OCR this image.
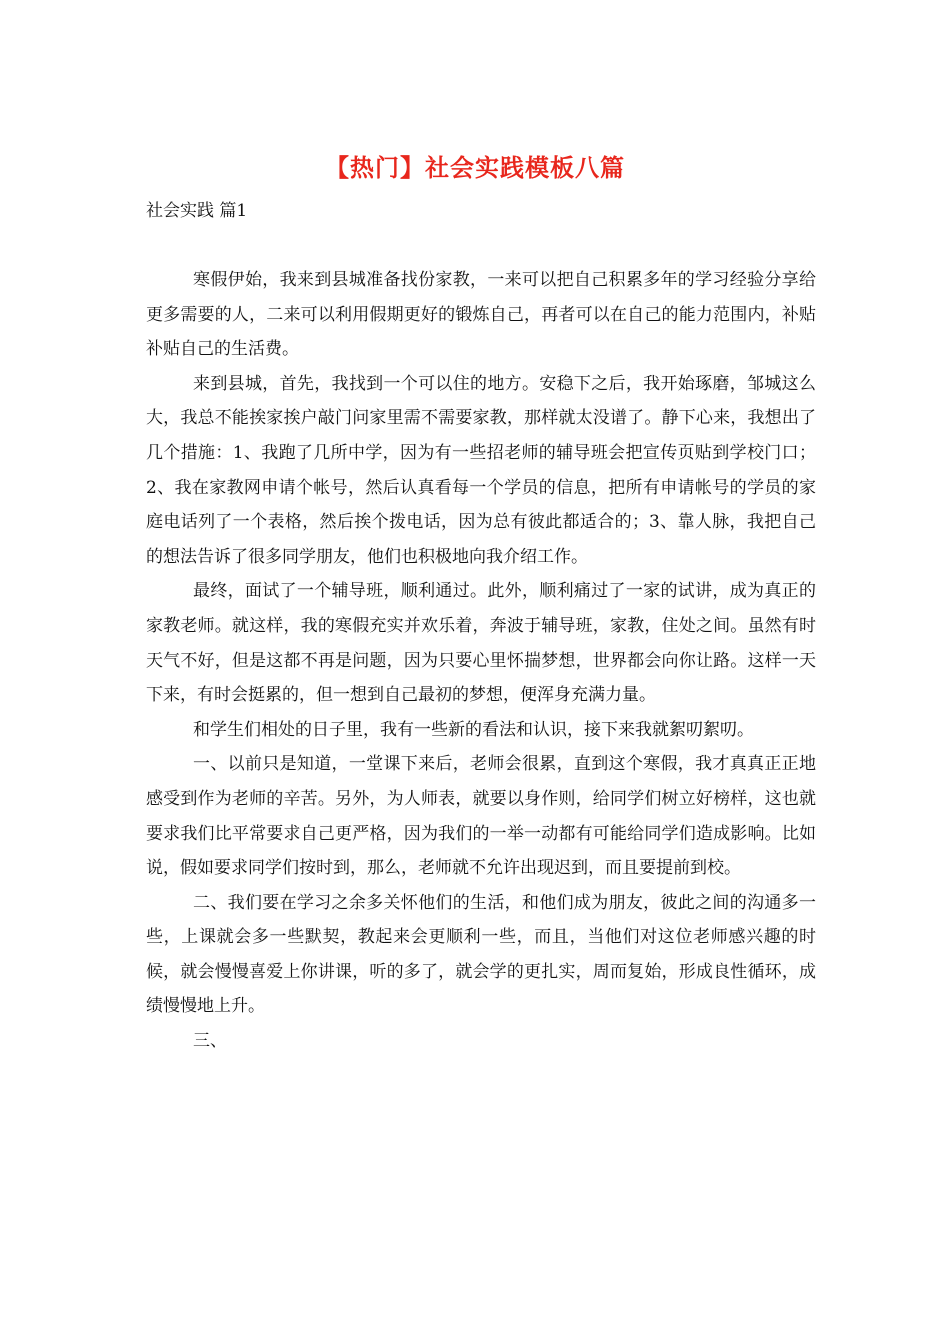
【热门】社会实践模板八篇
社会实践 篇1

寒假伊始，我来到县城准备找份家教，一来可以把自己积累多年的学习经验分享给更多需要的人，二来可以利用假期更好的锻炼自己，再者可以在自己的能力范围内，补贴补贴自己的生活费。

来到县城，首先，我找到一个可以住的地方。安稳下之后，我开始琢磨，邹城这么大，我总不能挨家挨户敲门问家里需不需要家教，那样就太没谱了。静下心来，我想出了几个措施：1、我跑了几所中学，因为有一些招老师的辅导班会把宣传页贴到学校门口；2、我在家教网申请个帐号，然后认真看每一个学员的信息，把所有申请帐号的学员的家庭电话列了一个表格，然后挨个拨电话，因为总有彼此都适合的；3、靠人脉，我把自己的想法告诉了很多同学朋友，他们也积极地向我介绍工作。

最终，面试了一个辅导班，顺利通过。此外，顺利痛过了一家的试讲，成为真正的家教老师。就这样，我的寒假充实并欢乐着，奔波于辅导班，家教，住处之间。虽然有时天气不好，但是这都不再是问题，因为只要心里怀揣梦想，世界都会向你让路。这样一天下来，有时会挺累的，但一想到自己最初的梦想，便浑身充满力量。

和学生们相处的日子里，我有一些新的看法和认识，接下来我就絮叨絮叨。

一、以前只是知道，一堂课下来后，老师会很累，直到这个寒假，我才真真正正地感受到作为老师的辛苦。另外，为人师表，就要以身作则，给同学们树立好榜样，这也就要求我们比平常要求自己更严格，因为我们的一举一动都有可能给同学们造成影响。比如说，假如要求同学们按时到，那么，老师就不允许出现迟到，而且要提前到校。

二、我们要在学习之余多关怀他们的生活，和他们成为朋友，彼此之间的沟通多一些，上课就会多一些默契，教起来会更顺利一些，而且，当他们对这位老师感兴趣的时候，就会慢慢喜爱上你讲课，听的多了，就会学的更扎实，周而复始，形成良性循环，成绩慢慢地上升。

三、
